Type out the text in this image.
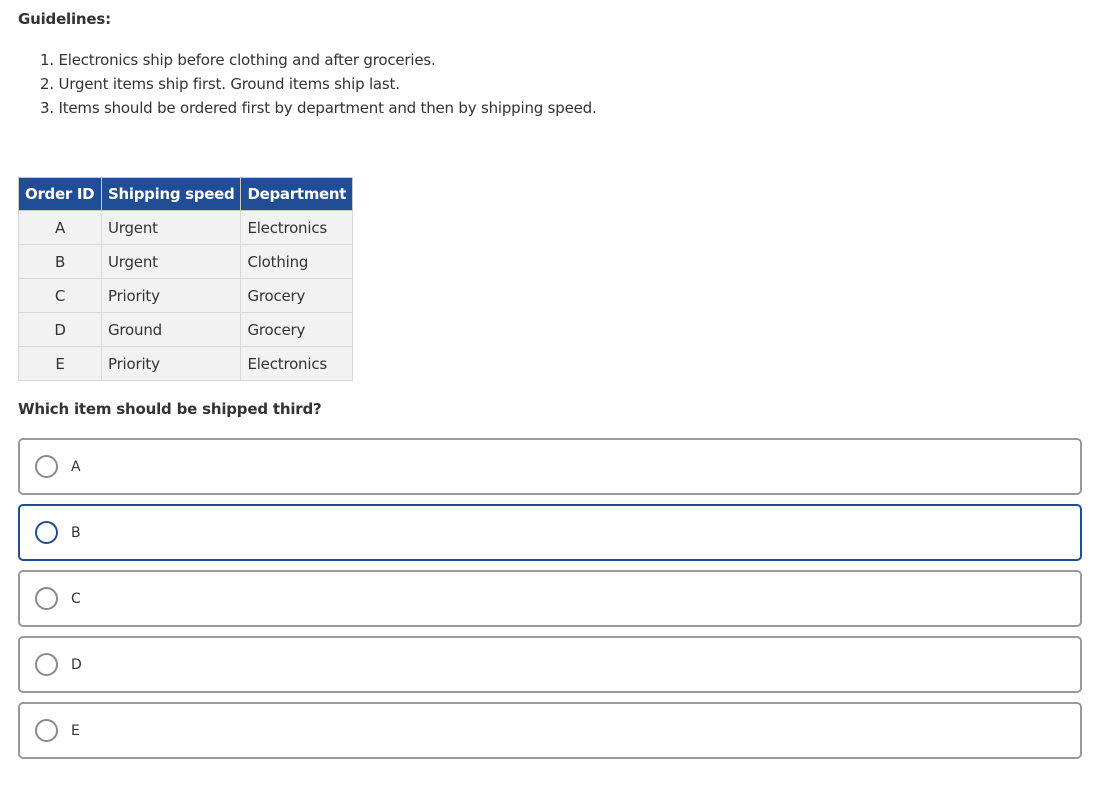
Guidelines:
1. Electronics ship before clothing and after groceries.
2. Urgent items ship first. Ground items ship last.
3. Items should be ordered first by department and then by shipping speed.
Order ID	Shipping speed	Department
A	Urgent	Electronics
B	Urgent	Clothing
C	Priority	Grocery
D	Ground	Grocery
E	Priority	Electronics
Which item should be shipped third?
A
B
C
D
E
